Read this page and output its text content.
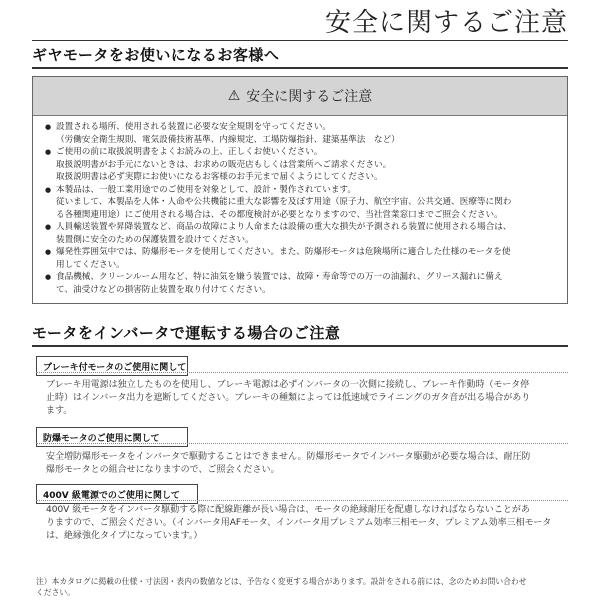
安全に関するご注意
ギヤモータをお使いになるお客様へ
⚠ 安全に関するご注意
● 設置される場所、使用される装置に必要な安全規則を守ってください。
（労働安全衛生規則、電気設備技術基準、内線規定、工場防爆指針、建築基準法　など）
● ご使用の前に取扱説明書をよくお読みの上、正しくお使いください。
取扱説明書がお手元にないときは、お求めの販売店もしくは営業所へご請求ください。
取扱説明書は必ず実際にお使いになるお客様のお手元まで届くようにしてください。
● 本製品は、一般工業用途でのご使用を対象として、設計・製作されています。
従いまして、本製品を人体・人命や公共機能に重大な影響を及ぼす用途（原子力、航空宇宙、公共交通、医療等に関わ
る各種関連用途）にご使用される場合は、その都度検討が必要となりますので、当社営業窓口までご照会ください。
● 人員輸送装置や昇降装置など、商品の故障により人命または設備の重大な損失が予測される装置に使用される場合は、
装置側に安全のための保護装置を設けてください。
● 爆発性雰囲気中では、防爆形モータを使用してください。また、防爆形モータは危険場所に適合した仕様のモータを使
用してください。
● 食品機械、クリーンルーム用など、特に油気を嫌う装置では、故障・寿命等での万一の油漏れ、グリース漏れに備え
て、油受けなどの損害防止装置を取り付けてください。
モータをインバータで運転する場合のご注意
ブレーキ付モータのご使用に関して
ブレーキ用電源は独立したものを使用し、ブレーキ電源は必ずインバータの一次側に接続し、ブレーキ作動時（モータ停
止時）はインバータ出力を遮断してください。ブレーキの種類によっては低速域でライニングのガタ音が出る場合があり
ます。
防爆モータのご使用に関して
安全増防爆形モータをインバータで駆動することはできません。防爆形モータでインバータ駆動が必要な場合は、耐圧防
爆形モータとの組合せになりますので、ご照会ください。
400V 級電源でのご使用に関して
400V 級モータをインバータ駆動する際に配線距離が長い場合は、モータの絶縁耐圧を配慮しなければならないことがあ
りますので、ご照会ください。（インバータ用AFモータ、インバータ用プレミアム効率三相モータ、プレミアム効率三相モータ
は、絶縁強化タイプになっています。）
注）本カタログに掲載の仕様・寸法図・表内の数値などは、予告なく変更する場合があります。設計をされる前には、念のためお問い合わせ
ください。
